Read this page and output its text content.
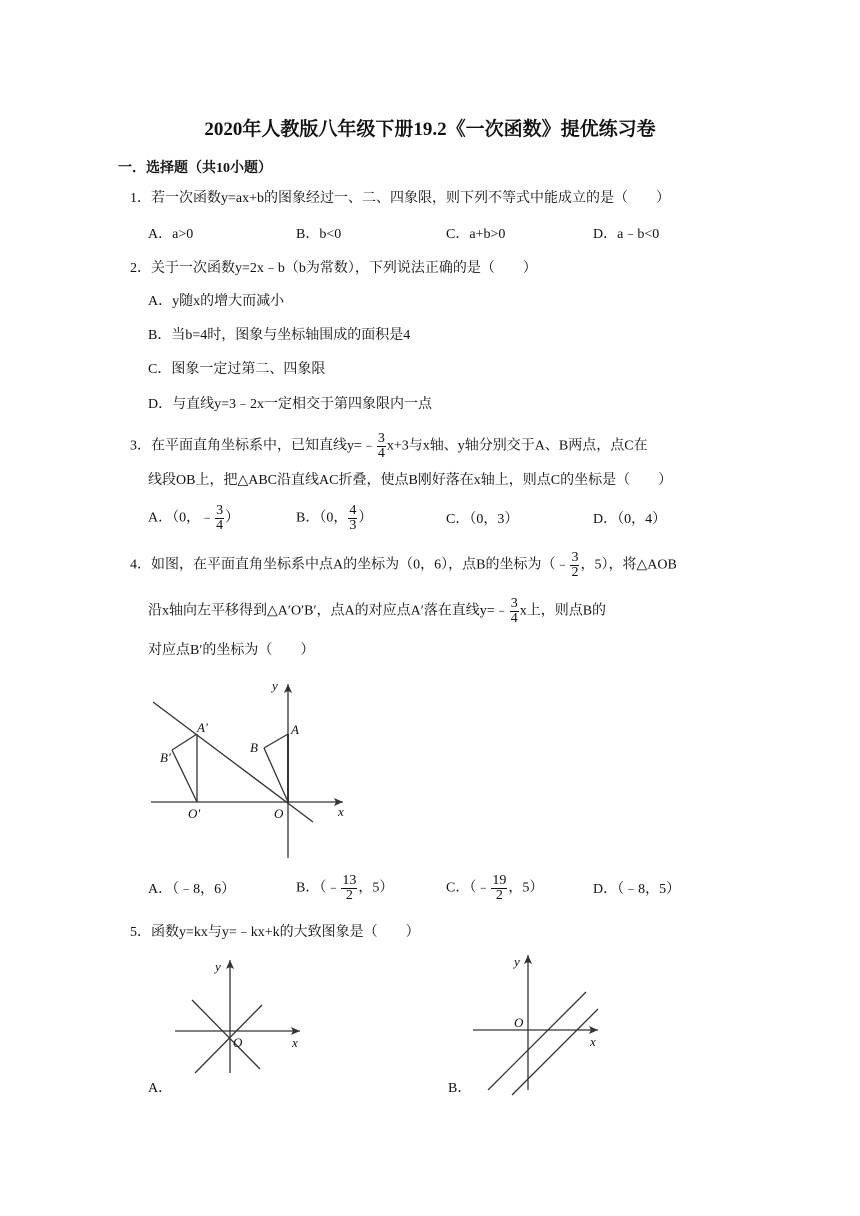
2020年人教版八年级下册19.2《一次函数》提优练习卷
一．选择题（共10小题）
1．若一次函数y=ax+b的图象经过一、二、四象限，则下列不等式中能成立的是（　　）
A．a>0	B．b<0	C．a+b>0	D．a﹣b<0
2．关于一次函数y=2x﹣b（b为常数），下列说法正确的是（　　）
A．y随x的增大而减小
B．当b=4时，图象与坐标轴围成的面积是4
C．图象一定过第二、四象限
D．与直线y=3﹣2x一定相交于第四象限内一点
3．在平面直角坐标系中，已知直线y=﹣ $\frac{3}{4} x+3$与x轴、y轴分别交于A、B两点，点C在
线段OB上，把△ABC沿直线AC折叠，使点B刚好落在x轴上，则点C的坐标是（　　）
A．（0，﹣ $\frac{3}{4}$ ）	B．（0， $\frac{4}{3}$ ）	C．（0，3）	D．（0，4）
4．如图，在平面直角坐标系中点A的坐标为（0，6），点B的坐标为（﹣ $\frac{3}{2}$ ，5），将△AOB
沿x轴向左平移得到△A′O′B′，点A的对应点A′落在直线y=﹣ $\frac{3}{4}$ x上，则点B的
对应点B′的坐标为（　　）
y
x
A
B
A'
B'
O
O'
A．（﹣8，6）	B．（﹣ $\frac{13}{2}$ ，5）	C．（﹣ $\frac{19}{2}$ ，5）	D．（﹣8，5）
5．函数y=kx与y=﹣kx+k的大致图象是（　　）
y
x
O
A．
y
x
O
B．
